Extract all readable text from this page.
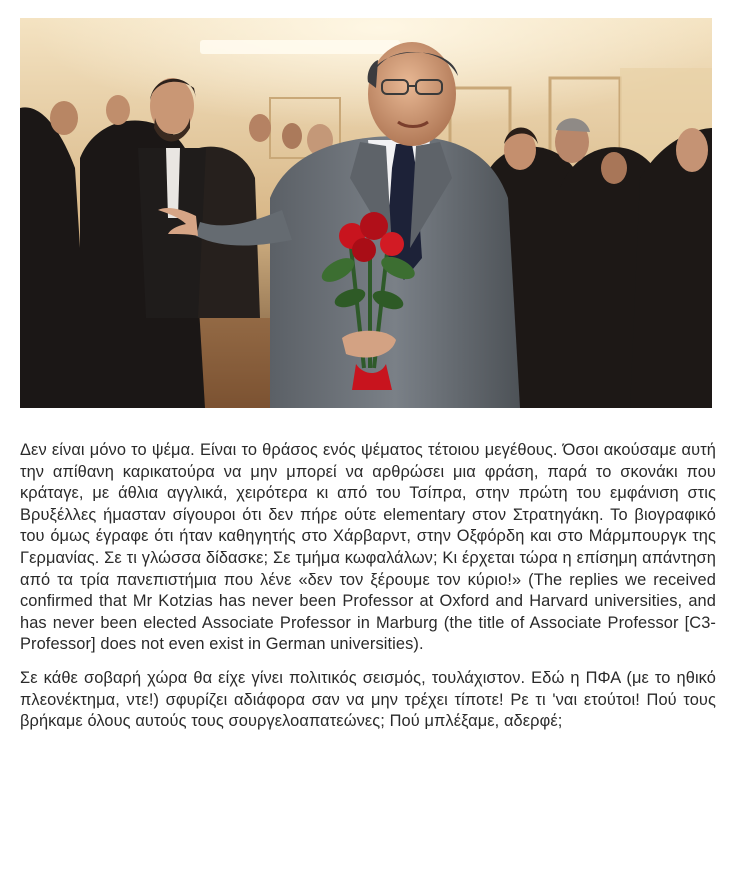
Δεν είναι μόνο το ψέμα. Είναι το θράσος ενός ψέματος τέτοιου μεγέθους. Όσοι ακούσαμε αυτή την απίθανη καρικατούρα να μην μπορεί να αρθρώσει μια φράση, παρά το σκονάκι που κράταγε, με άθλια αγγλικά, χειρότερα κι από του Τσίπρα, στην πρώτη του εμφάνιση στις Βρυξέλλες ήμασταν σίγουροι ότι δεν πήρε ούτε elementary στον Στρατηγάκη. Το βιογραφικό του όμως έγραφε ότι ήταν καθηγητής στο Χάρβαρντ, στην Οξφόρδη και στο Μάρμπουργκ της Γερμανίας. Σε τι γλώσσα δίδασκε; Σε τμήμα κωφαλάλων; Κι έρχεται τώρα η επίσημη απάντηση από τα τρία πανεπιστήμια που λένε «δεν τον ξέρουμε τον κύριο!» (The replies we received confirmed that Mr Kotzias has never been Professor at Oxford and Harvard universities, and has never been elected Associate Professor in Marburg (the title of Associate Professor [C3-Professor] does not even exist in German universities).

Σε κάθε σοβαρή χώρα θα είχε γίνει πολιτικός σεισμός, τουλάχιστον. Εδώ η ΠΦΑ (με το ηθικό πλεονέκτημα, ντε!) σφυρίζει αδιάφορα σαν να μην τρέχει τίποτε! Ρε τι 'ναι ετούτοι! Πού τους βρήκαμε όλους αυτούς τους σουργελοαπατεώνες; Πού μπλέξαμε, αδερφέ;
